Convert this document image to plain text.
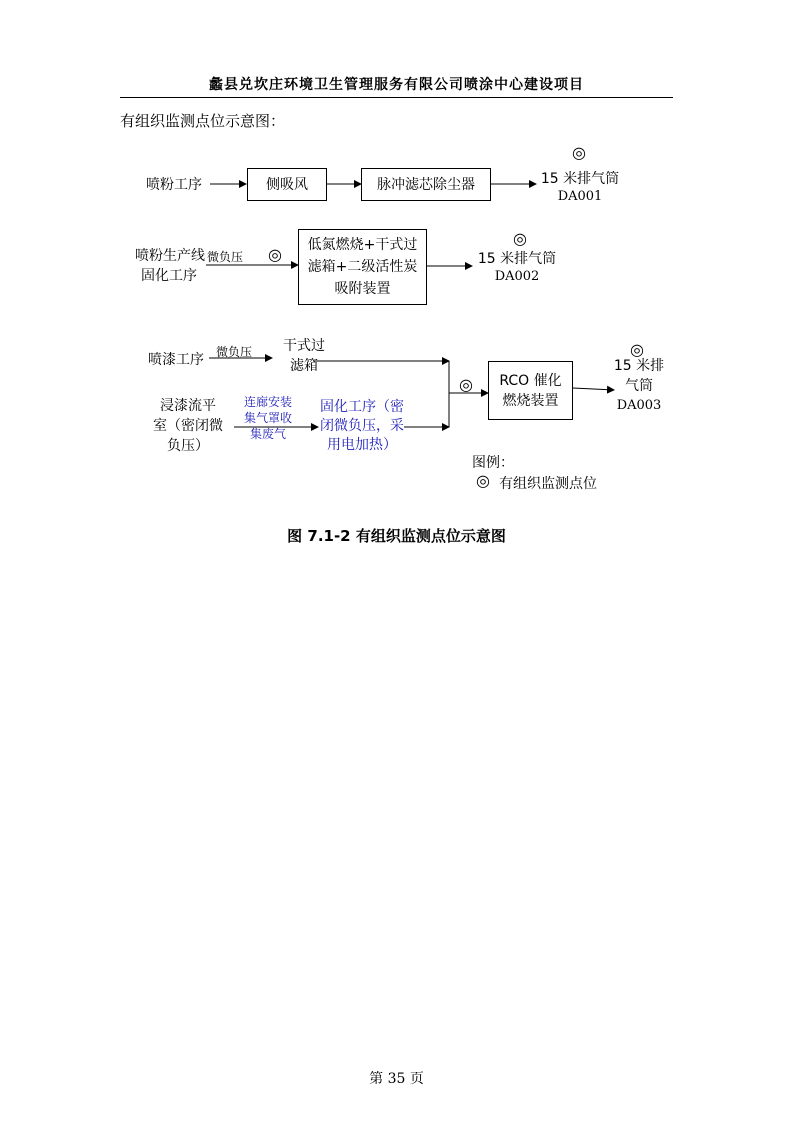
蠡县兑坎庄环境卫生管理服务有限公司喷涂中心建设项目
有组织监测点位示意图：
喷粉工序	侧吸风	脉冲滤芯除尘器
◎
15 米排气筒
DA001
喷粉生产线
固化工序
微负压 ◎ 低氮燃烧+干式过
滤箱+二级活性炭
吸附装置
◎
15 米排气筒
DA002
喷漆工序 微负压	干式过
滤箱
浸漆流平
室（密闭微
负压）
连廊安装
集气罩收
集废气
固化工序（密
闭微负压，采
用电加热）
◎ RCO 催化
燃烧装置
◎
15 米排
气筒
DA003
图例：
◎ 有组织监测点位
图 7.1-2 有组织监测点位示意图
第 35 页
